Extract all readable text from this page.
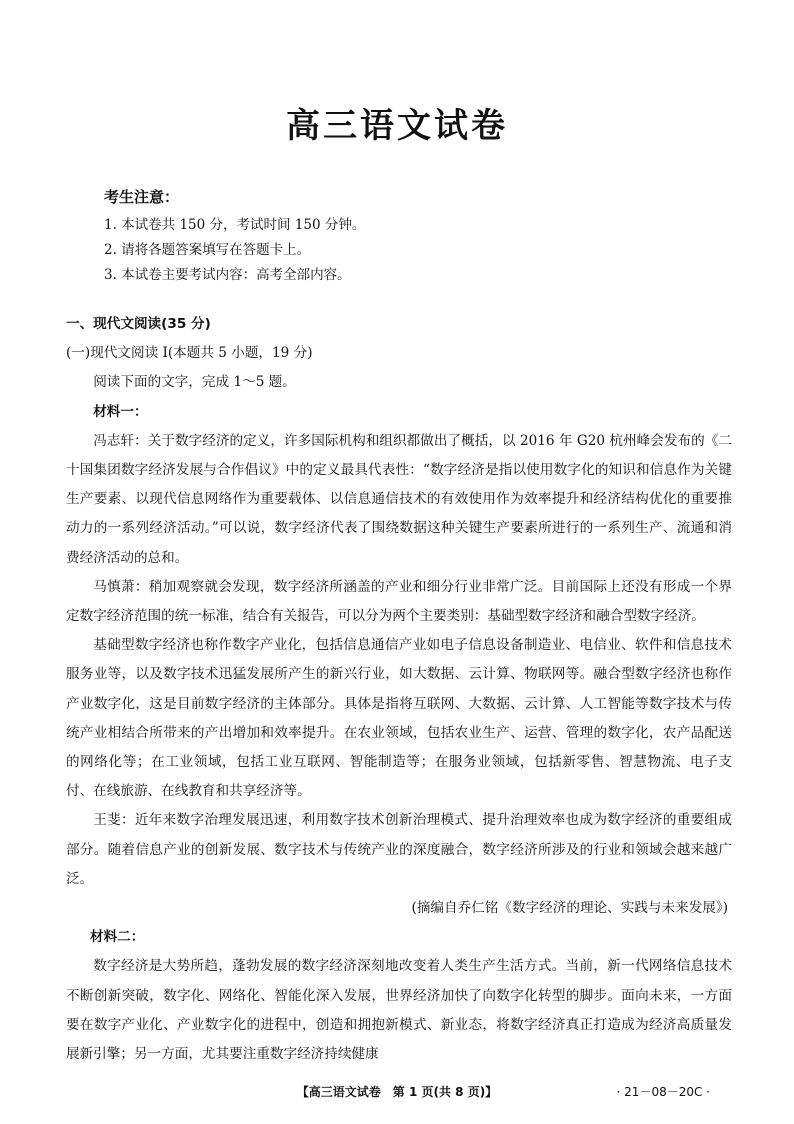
高三语文试卷
考生注意：
1. 本试卷共 150 分，考试时间 150 分钟。
2. 请将各题答案填写在答题卡上。
3. 本试卷主要考试内容：高考全部内容。

一、现代文阅读(35 分)

(一)现代文阅读 Ⅰ(本题共 5 小题，19 分)

阅读下面的文字，完成 1～5 题。

材料一：

冯志轩：关于数字经济的定义，许多国际机构和组织都做出了概括，以 2016 年 G20 杭州峰会发布的《二十国集团数字经济发展与合作倡议》中的定义最具代表性：“数字经济是指以使用数字化的知识和信息作为关键生产要素、以现代信息网络作为重要载体、以信息通信技术的有效使用作为效率提升和经济结构优化的重要推动力的一系列经济活动。”可以说，数字经济代表了围绕数据这种关键生产要素所进行的一系列生产、流通和消费经济活动的总和。

马慎萧：稍加观察就会发现，数字经济所涵盖的产业和细分行业非常广泛。目前国际上还没有形成一个界定数字经济范围的统一标准，结合有关报告，可以分为两个主要类别：基础型数字经济和融合型数字经济。

基础型数字经济也称作数字产业化，包括信息通信产业如电子信息设备制造业、电信业、软件和信息技术服务业等，以及数字技术迅猛发展所产生的新兴行业，如大数据、云计算、物联网等。融合型数字经济也称作产业数字化，这是目前数字经济的主体部分。具体是指将互联网、大数据、云计算、人工智能等数字技术与传统产业相结合所带来的产出增加和效率提升。在农业领域，包括农业生产、运营、管理的数字化，农产品配送的网络化等；在工业领域，包括工业互联网、智能制造等；在服务业领域，包括新零售、智慧物流、电子支付、在线旅游、在线教育和共享经济等。

王斐：近年来数字治理发展迅速，利用数字技术创新治理模式、提升治理效率也成为数字经济的重要组成部分。随着信息产业的创新发展、数字技术与传统产业的深度融合，数字经济所涉及的行业和领域会越来越广泛。

(摘编自乔仁铭《数字经济的理论、实践与未来发展》)

材料二：

数字经济是大势所趋，蓬勃发展的数字经济深刻地改变着人类生产生活方式。当前，新一代网络信息技术不断创新突破，数字化、网络化、智能化深入发展，世界经济加快了向数字化转型的脚步。面向未来，一方面要在数字产业化、产业数字化的进程中，创造和拥抱新模式、新业态，将数字经济真正打造成为经济高质量发展新引擎；另一方面，尤其要注重数字经济持续健康

【高三语文试卷　第 1 页(共 8 页)】	· 21－08－20C ·
